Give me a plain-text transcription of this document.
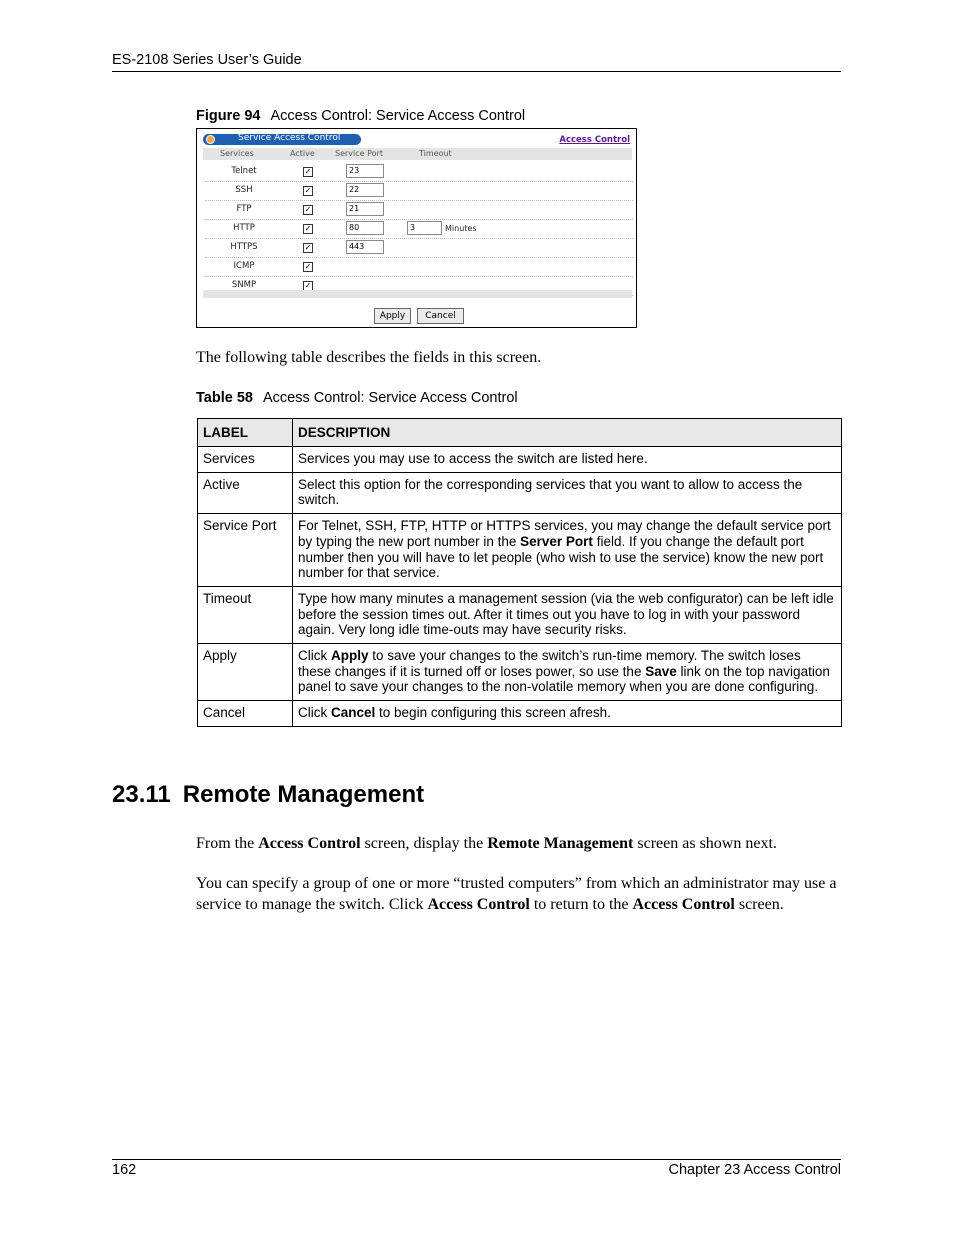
ES-2108 Series User’s Guide
Figure 94 Access Control: Service Access Control
Service Access Control	Access Control
Services	Active	Service Port	Timeout
Telnet	✓	23
SSH	✓	22
FTP	✓	21
HTTP	✓	80	3	Minutes
HTTPS	✓	443
ICMP	✓
SNMP	✓
Apply	Cancel
The following table describes the fields in this screen.
Table 58 Access Control: Service Access Control
LABEL	DESCRIPTION
Services	Services you may use to access the switch are listed here.
Active	Select this option for the corresponding services that you want to allow to access the switch.
Service Port	For Telnet, SSH, FTP, HTTP or HTTPS services, you may change the default service port by typing the new port number in the Server Port field. If you change the default port number then you will have to let people (who wish to use the service) know the new port number for that service.
Timeout	Type how many minutes a management session (via the web configurator) can be left idle before the session times out. After it times out you have to log in with your password again. Very long idle time-outs may have security risks.
Apply	Click Apply to save your changes to the switch’s run-time memory. The switch loses these changes if it is turned off or loses power, so use the Save link on the top navigation panel to save your changes to the non-volatile memory when you are done configuring.
Cancel	Click Cancel to begin configuring this screen afresh.
23.11 Remote Management
From the Access Control screen, display the Remote Management screen as shown next.
You can specify a group of one or more “trusted computers” from which an administrator may use a service to manage the switch. Click Access Control to return to the Access Control screen.
162	Chapter 23 Access Control
